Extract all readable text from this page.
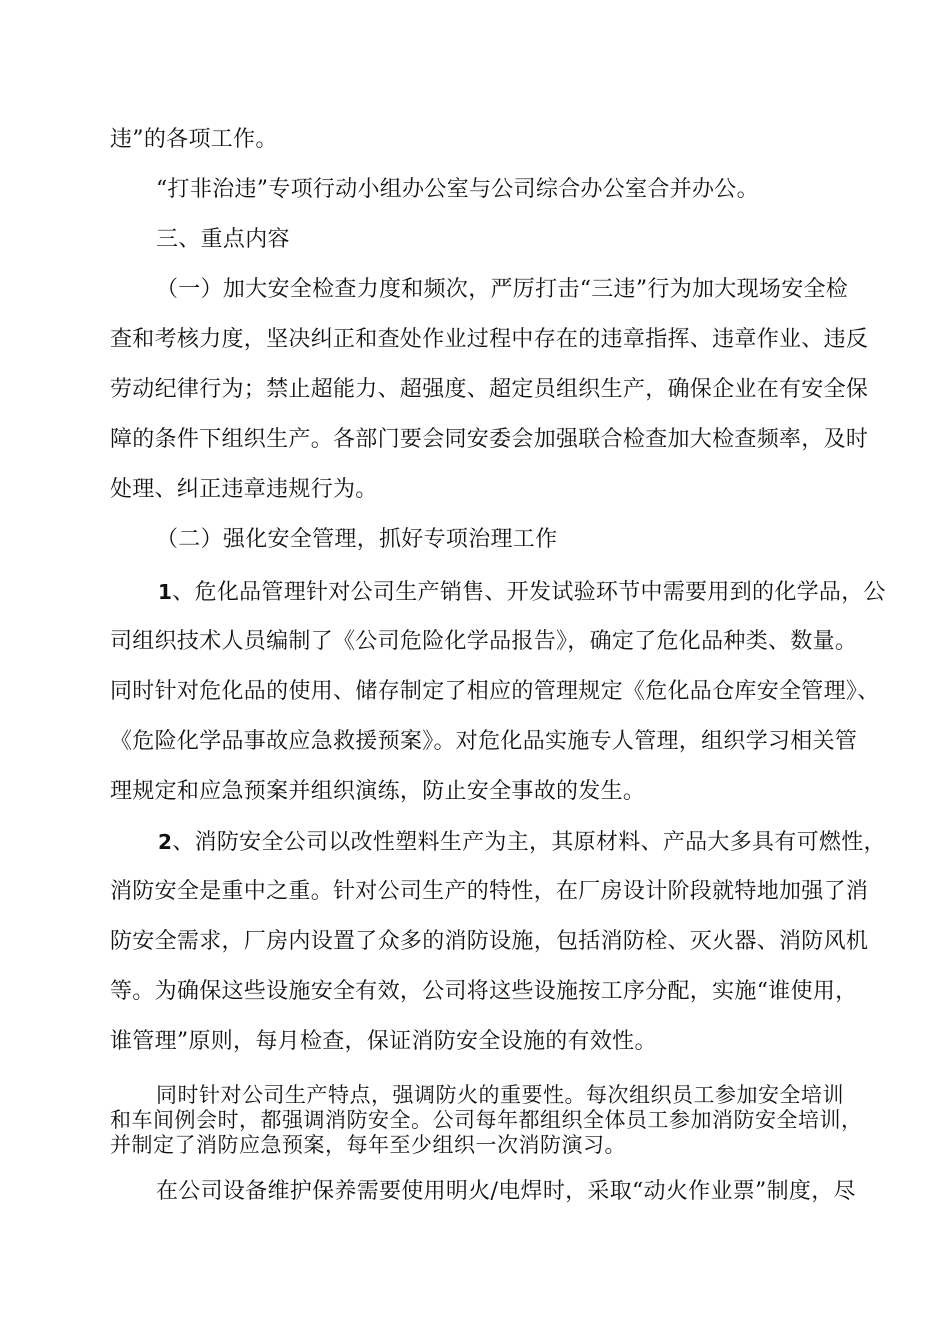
违”的各项工作。
“打非治违”专项行动小组办公室与公司综合办公室合并办公。
三、重点内容
（一）加大安全检查力度和频次，严厉打击“三违”行为加大现场安全检
查和考核力度，坚决纠正和查处作业过程中存在的违章指挥、违章作业、违反
劳动纪律行为；禁止超能力、超强度、超定员组织生产，确保企业在有安全保
障的条件下组织生产。各部门要会同安委会加强联合检查加大检查频率，及时
处理、纠正违章违规行为。
（二）强化安全管理，抓好专项治理工作
1、危化品管理针对公司生产销售、开发试验环节中需要用到的化学品，公
司组织技术人员编制了《公司危险化学品报告》，确定了危化品种类、数量。
同时针对危化品的使用、储存制定了相应的管理规定《危化品仓库安全管理》、
《危险化学品事故应急救援预案》。对危化品实施专人管理，组织学习相关管
理规定和应急预案并组织演练，防止安全事故的发生。
2、消防安全公司以改性塑料生产为主，其原材料、产品大多具有可燃性，
消防安全是重中之重。针对公司生产的特性，在厂房设计阶段就特地加强了消
防安全需求，厂房内设置了众多的消防设施，包括消防栓、灭火器、消防风机
等。为确保这些设施安全有效，公司将这些设施按工序分配，实施“谁使用，
谁管理”原则，每月检查，保证消防安全设施的有效性。
同时针对公司生产特点，强调防火的重要性。每次组织员工参加安全培训
和车间例会时，都强调消防安全。公司每年都组织全体员工参加消防安全培训，
并制定了消防应急预案，每年至少组织一次消防演习。
在公司设备维护保养需要使用明火/电焊时，采取“动火作业票”制度，尽
